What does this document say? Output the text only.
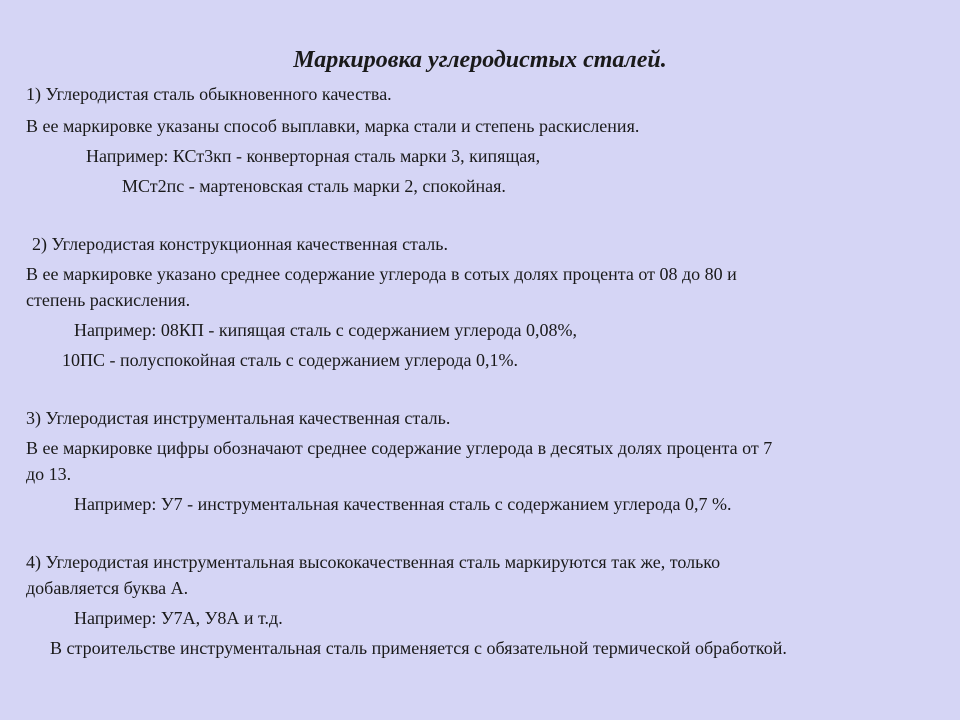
Маркировка углеродистых сталей.

1) Углеродистая сталь обыкновенного качества.

В ее маркировке указаны способ выплавки, марка стали и степень раскисления.

Например: КСт3кп - конверторная сталь марки 3, кипящая,

МСт2пс - мартеновская сталь марки 2, спокойная.

2) Углеродистая конструкционная качественная сталь.

В ее маркировке указано среднее содержание углерода в сотых долях процента от 08 до 80 и

степень раскисления.

Например: 08КП - кипящая сталь с содержанием углерода 0,08%,

10ПС - полуспокойная сталь с содержанием углерода 0,1%.

3) Углеродистая инструментальная качественная сталь.

В ее маркировке цифры обозначают среднее содержание углерода в десятых долях процента от 7

до 13.

Например: У7 - инструментальная качественная сталь с содержанием углерода 0,7 %.

4) Углеродистая инструментальная высококачественная сталь маркируются так же, только

добавляется буква А.

Например: У7А, У8А и т.д.

В строительстве инструментальная сталь применяется с обязательной термической обработкой.
